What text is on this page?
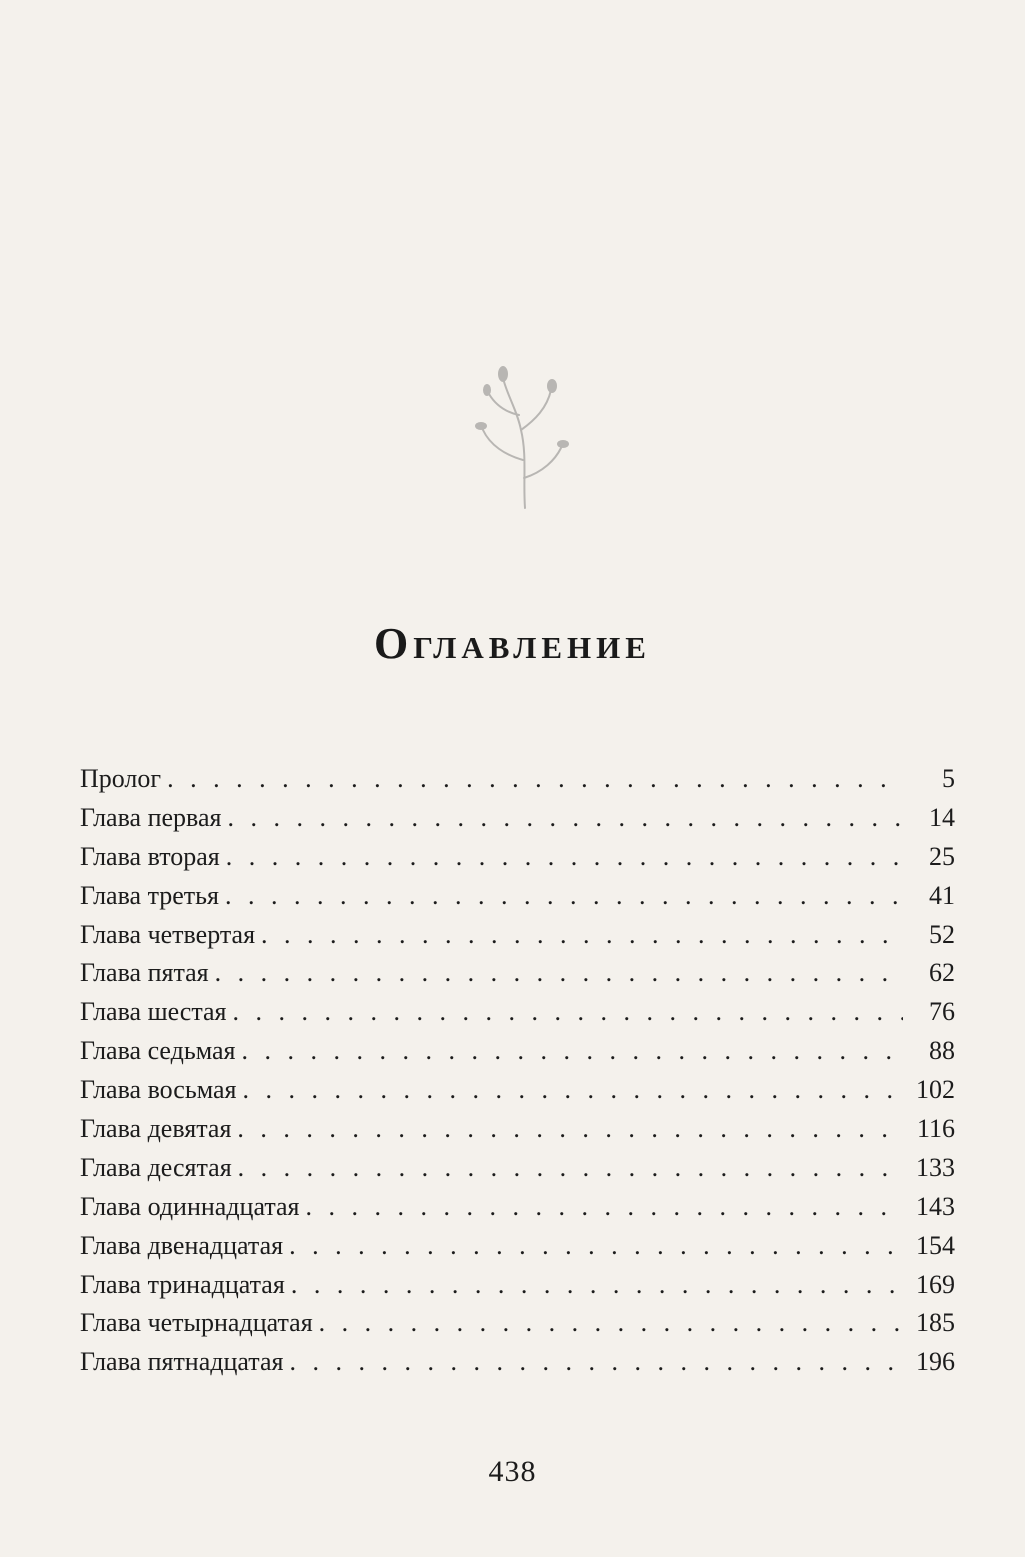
Оглавление
Пролог . . .	5
Глава первая . . .	14
Глава вторая . . .	25
Глава третья . . .	41
Глава четвертая . . .	52
Глава пятая . . .	62
Глава шестая . . .	76
Глава седьмая . . .	88
Глава восьмая . . .	102
Глава девятая . . .	116
Глава десятая . . .	133
Глава одиннадцатая . . .	143
Глава двенадцатая . . .	154
Глава тринадцатая . . .	169
Глава четырнадцатая . . .	185
Глава пятнадцатая . . .	196
438
